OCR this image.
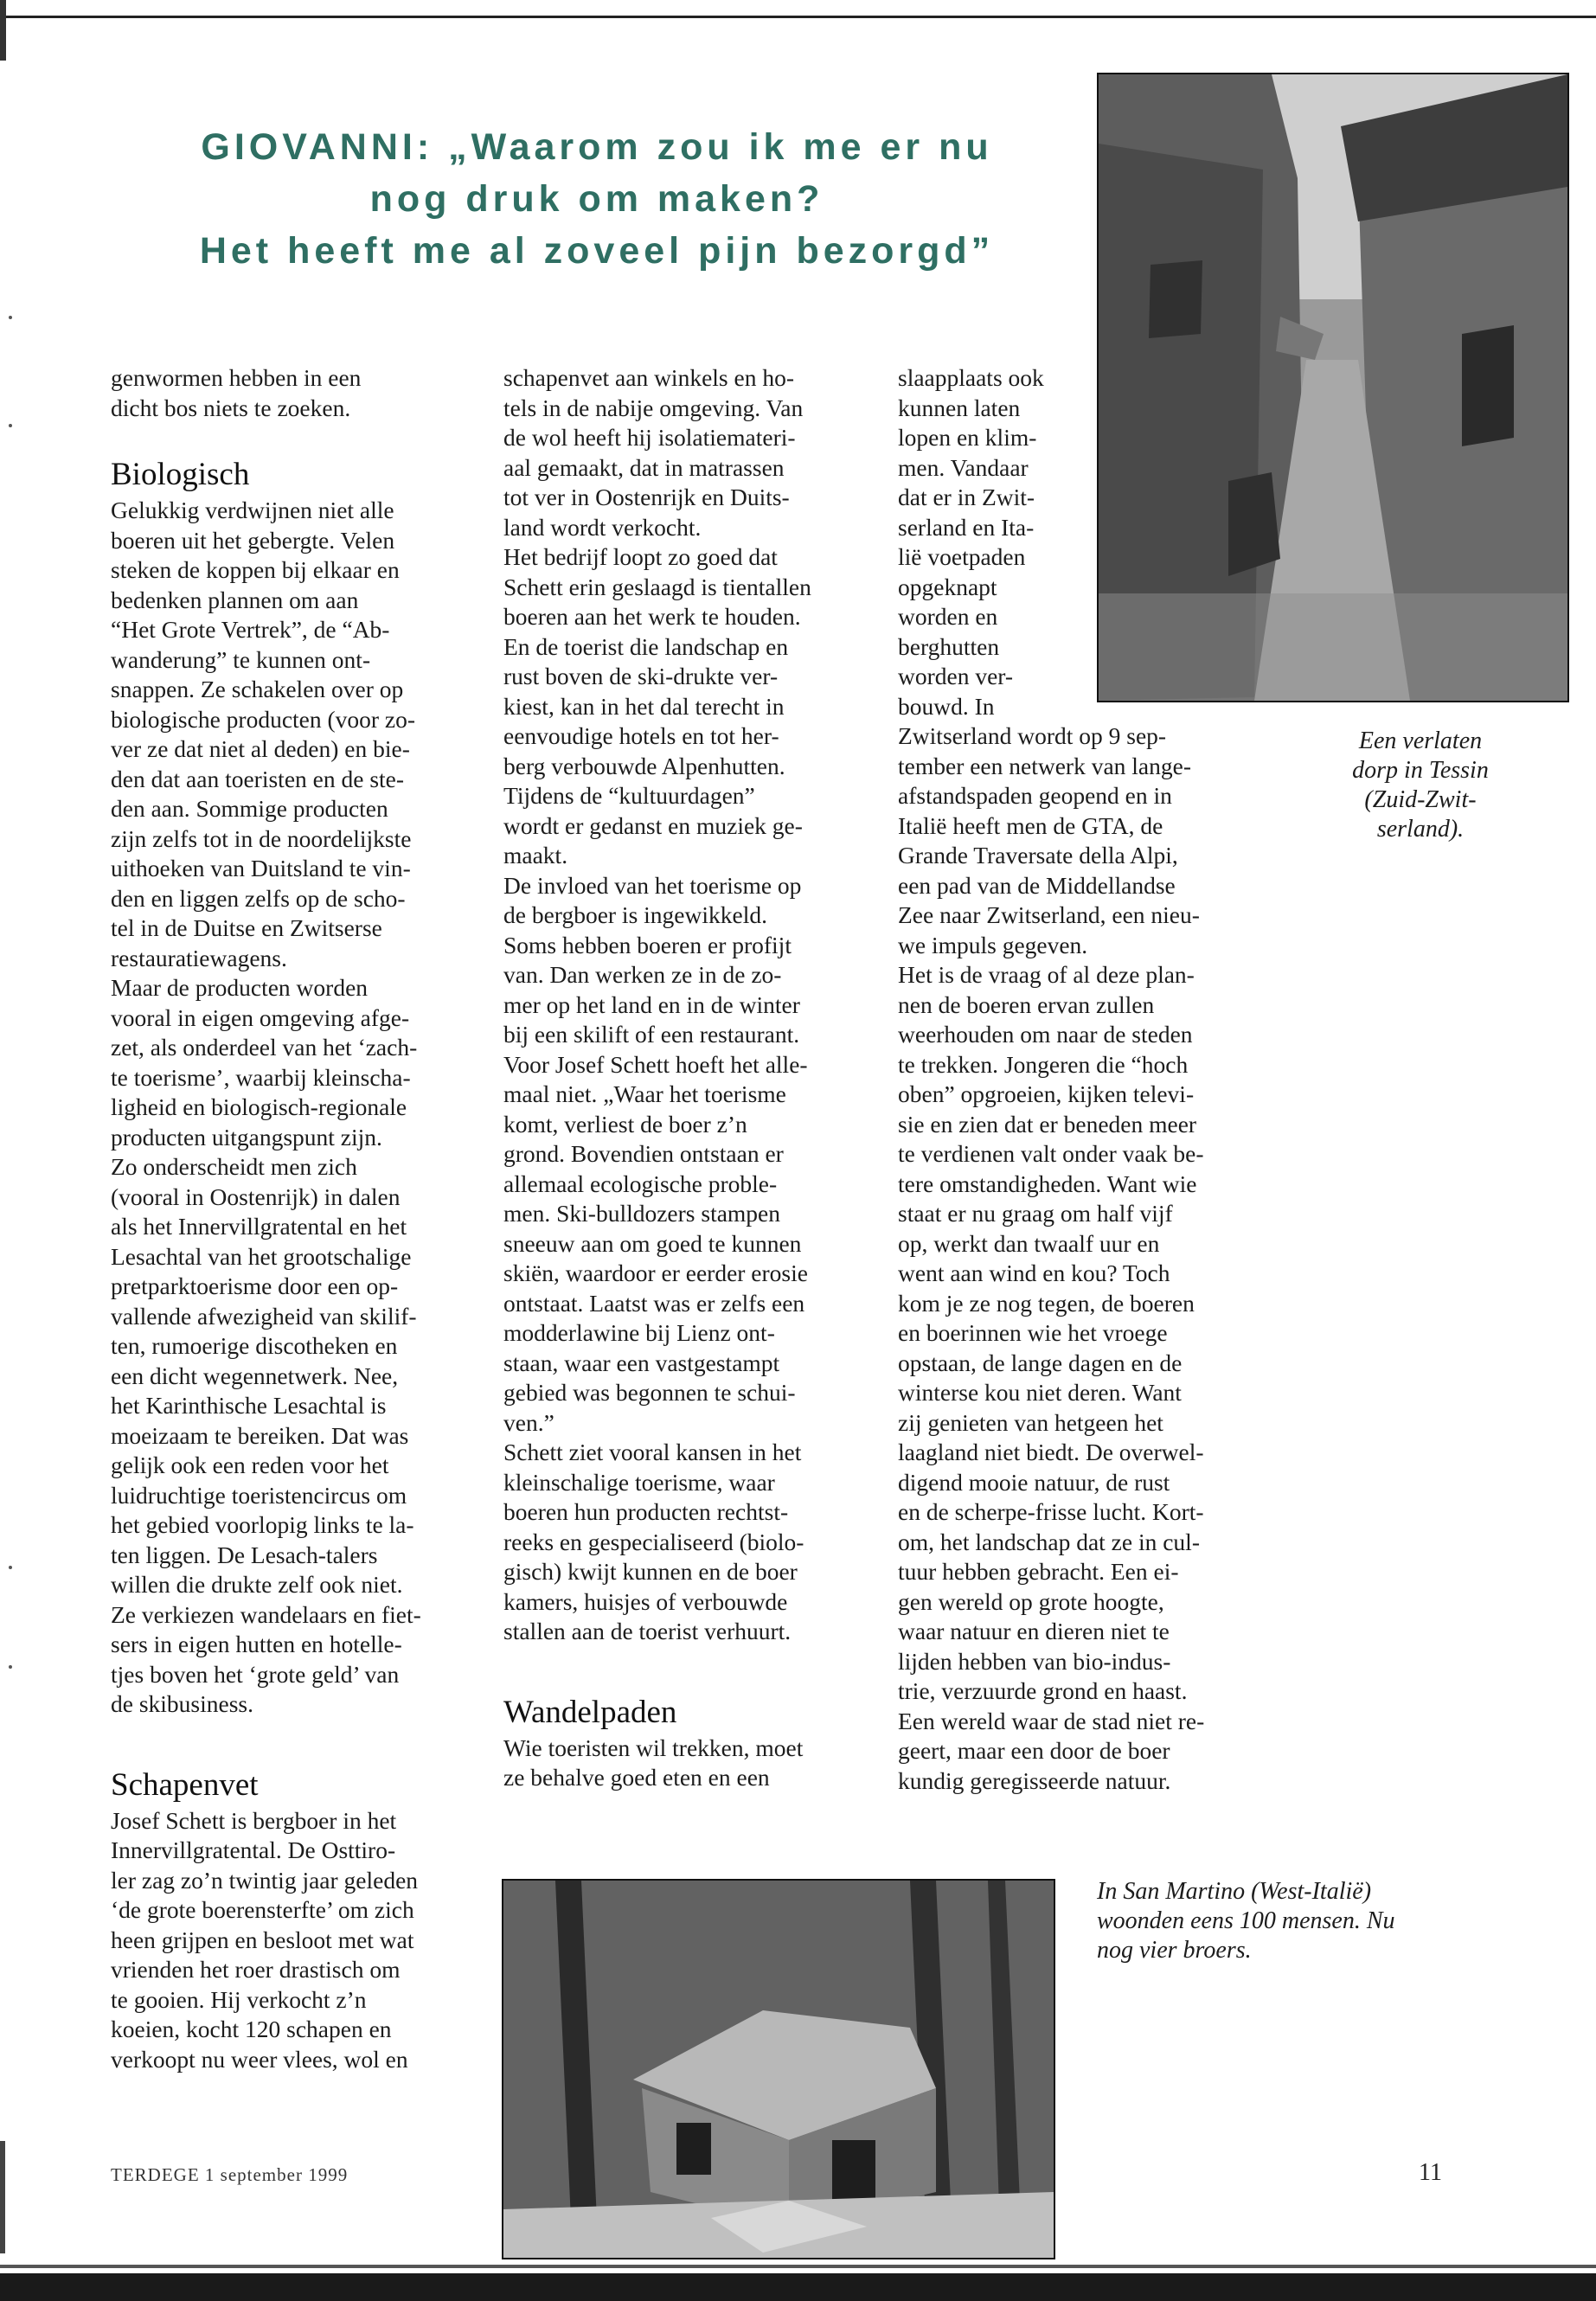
GIOVANNI: „Waarom zou ik me er nu
nog druk om maken?
Het heeft me al zoveel pijn bezorgd”

genwormen hebben in een

dicht bos niets te zoeken.

Biologisch

Gelukkig verdwijnen niet alle

boeren uit het gebergte. Velen

steken de koppen bij elkaar en

bedenken plannen om aan

“Het Grote Vertrek”, de “Ab-

wanderung” te kunnen ont-

snappen. Ze schakelen over op

biologische producten (voor zo-

ver ze dat niet al deden) en bie-

den dat aan toeristen en de ste-

den aan. Sommige producten

zijn zelfs tot in de noordelijkste

uithoeken van Duitsland te vin-

den en liggen zelfs op de scho-

tel in de Duitse en Zwitserse

restauratiewagens.

Maar de producten worden

vooral in eigen omgeving afge-

zet, als onderdeel van het ‘zach-

te toerisme’, waarbij kleinscha-

ligheid en biologisch-regionale

producten uitgangspunt zijn.

Zo onderscheidt men zich

(vooral in Oostenrijk) in dalen

als het Innervillgratental en het

Lesachtal van het grootschalige

pretparktoerisme door een op-

vallende afwezigheid van skilif-

ten, rumoerige discotheken en

een dicht wegennetwerk. Nee,

het Karinthische Lesachtal is

moeizaam te bereiken. Dat was

gelijk ook een reden voor het

luidruchtige toeristencircus om

het gebied voorlopig links te la-

ten liggen. De Lesach-talers

willen die drukte zelf ook niet.

Ze verkiezen wandelaars en fiet-

sers in eigen hutten en hotelle-

tjes boven het ‘grote geld’ van

de skibusiness.

Schapenvet

Josef Schett is bergboer in het

Innervillgratental. De Osttiro-

ler zag zo’n twintig jaar geleden

‘de grote boerensterfte’ om zich

heen grijpen en besloot met wat

vrienden het roer drastisch om

te gooien. Hij verkocht z’n

koeien, kocht 120 schapen en

verkoopt nu weer vlees, wol en

schapenvet aan winkels en ho-

tels in de nabije omgeving. Van

de wol heeft hij isolatiemateri-

aal gemaakt, dat in matrassen

tot ver in Oostenrijk en Duits-

land wordt verkocht.

Het bedrijf loopt zo goed dat

Schett erin geslaagd is tientallen

boeren aan het werk te houden.

En de toerist die landschap en

rust boven de ski-drukte ver-

kiest, kan in het dal terecht in

eenvoudige hotels en tot her-

berg verbouwde Alpenhutten.

Tijdens de “kultuurdagen”

wordt er gedanst en muziek ge-

maakt.

De invloed van het toerisme op

de bergboer is ingewikkeld.

Soms hebben boeren er profijt

van. Dan werken ze in de zo-

mer op het land en in de winter

bij een skilift of een restaurant.

Voor Josef Schett hoeft het alle-

maal niet. „Waar het toerisme

komt, verliest de boer z’n

grond. Bovendien ontstaan er

allemaal ecologische proble-

men. Ski-bulldozers stampen

sneeuw aan om goed te kunnen

skiën, waardoor er eerder erosie

ontstaat. Laatst was er zelfs een

modderlawine bij Lienz ont-

staan, waar een vastgestampt

gebied was begonnen te schui-

ven.”

Schett ziet vooral kansen in het

kleinschalige toerisme, waar

boeren hun producten rechtst-

reeks en gespecialiseerd (biolo-

gisch) kwijt kunnen en de boer

kamers, huisjes of verbouwde

stallen aan de toerist verhuurt.

Wandelpaden

Wie toeristen wil trekken, moet

ze behalve goed eten en een

slaapplaats ook

kunnen laten

lopen en klim-

men. Vandaar

dat er in Zwit-

serland en Ita-

lië voetpaden

opgeknapt

worden en

berghutten

worden ver-

bouwd. In

Zwitserland wordt op 9 sep-

tember een netwerk van lange-

afstandspaden geopend en in

Italië heeft men de GTA, de

Grande Traversate della Alpi,

een pad van de Middellandse

Zee naar Zwitserland, een nieu-

we impuls gegeven.

Het is de vraag of al deze plan-

nen de boeren ervan zullen

weerhouden om naar de steden

te trekken. Jongeren die “hoch

oben” opgroeien, kijken televi-

sie en zien dat er beneden meer

te verdienen valt onder vaak be-

tere omstandigheden. Want wie

staat er nu graag om half vijf

op, werkt dan twaalf uur en

went aan wind en kou? Toch

kom je ze nog tegen, de boeren

en boerinnen wie het vroege

opstaan, de lange dagen en de

winterse kou niet deren. Want

zij genieten van hetgeen het

laagland niet biedt. De overwel-

digend mooie natuur, de rust

en de scherpe-frisse lucht. Kort-

om, het landschap dat ze in cul-

tuur hebben gebracht. Een ei-

gen wereld op grote hoogte,

waar natuur en dieren niet te

lijden hebben van bio-indus-

trie, verzuurde grond en haast.

Een wereld waar de stad niet re-

geert, maar een door de boer

kundig geregisseerde natuur.

Een verlaten
dorp in Tessin
(Zuid-Zwit-
serland).
In San Martino (West-Italië)
woonden eens 100 mensen. Nu
nog vier broers.
TERDEGE 1 september 1999	11
